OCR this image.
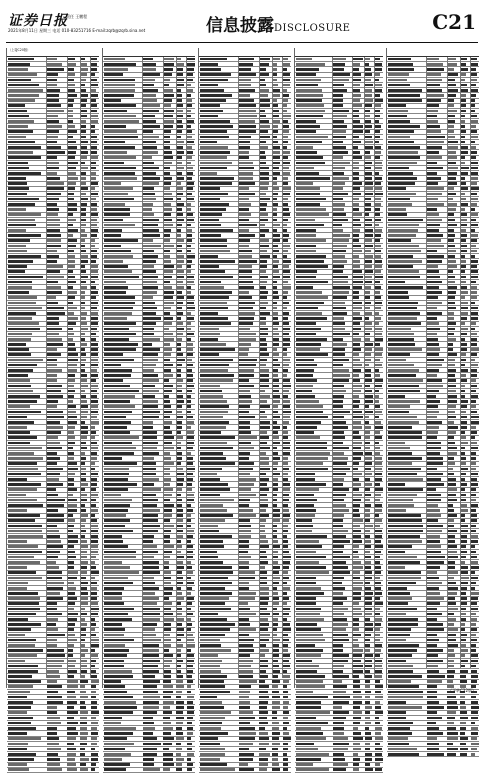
证券日报
责任 王鹏程
2021年8月11日 星期三 电话 010-83251716 E-mail:zqrb@zqrb.sina.net	信息披露DISCLOSURE	C21
（上接C20版）
（下转C22版）
